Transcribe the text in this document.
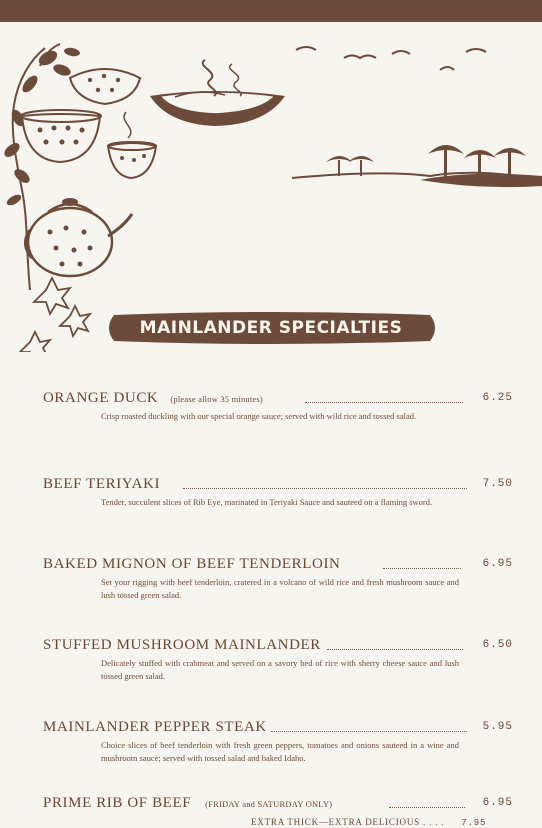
MAINLANDER SPECIALTIES
ORANGE DUCK (please allow 35 minutes)	6.25
Crisp roasted duckling with our special orange sauce; served with wild rice and tossed salad.
BEEF TERIYAKI	7.50
Tender, succulent slices of Rib Eye, marinated in Teriyaki Sauce and sauteed on a flaming sword.
BAKED MIGNON OF BEEF TENDERLOIN	6.95
Set your rigging with beef tenderloin, cratered in a volcano of wild rice and fresh mushroom sauce and lush tossed green salad.
STUFFED MUSHROOM MAINLANDER	6.50
Delicately stuffed with crabmeat and served on a savory bed of rice with sherry cheese sauce and lush tossed green salad.
MAINLANDER PEPPER STEAK	5.95
Choice slices of beef tenderloin with fresh green peppers, tomatoes and onions sauteed in a wine and mushroom sauce; served with tossed salad and baked Idaho.
PRIME RIB OF BEEF (FRIDAY and SATURDAY ONLY)	6.95
EXTRA THICK—EXTRA DELICIOUS . . . . 7.95
